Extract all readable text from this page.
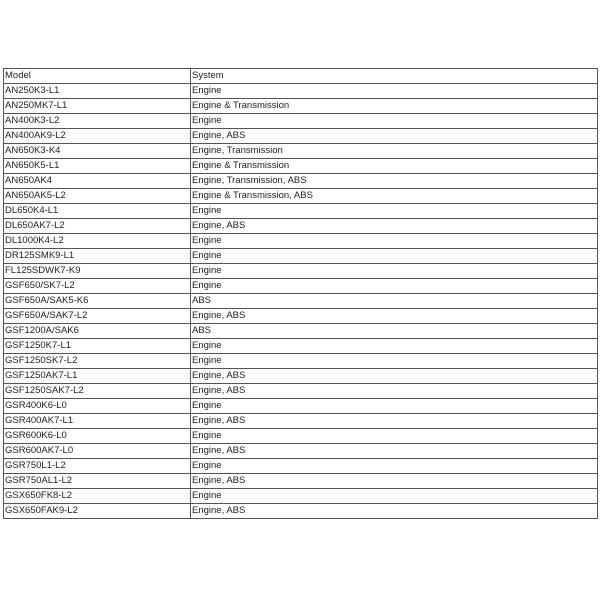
Model	System
AN250K3-L1	Engine
AN250MK7-L1	Engine & Transmission
AN400K3-L2	Engine
AN400AK9-L2	Engine, ABS
AN650K3-K4	Engine, Transmission
AN650K5-L1	Engine & Transmission
AN650AK4	Engine, Transmission, ABS
AN650AK5-L2	Engine & Transmission, ABS
DL650K4-L1	Engine
DL650AK7-L2	Engine, ABS
DL1000K4-L2	Engine
DR125SMK9-L1	Engine
FL125SDWK7-K9	Engine
GSF650/SK7-L2	Engine
GSF650A/SAK5-K6	ABS
GSF650A/SAK7-L2	Engine, ABS
GSF1200A/SAK6	ABS
GSF1250K7-L1	Engine
GSF1250SK7-L2	Engine
GSF1250AK7-L1	Engine, ABS
GSF1250SAK7-L2	Engine, ABS
GSR400K6-L0	Engine
GSR400AK7-L1	Engine, ABS
GSR600K6-L0	Engine
GSR600AK7-L0	Engine, ABS
GSR750L1-L2	Engine
GSR750AL1-L2	Engine, ABS
GSX650FK8-L2	Engine
GSX650FAK9-L2	Engine, ABS
